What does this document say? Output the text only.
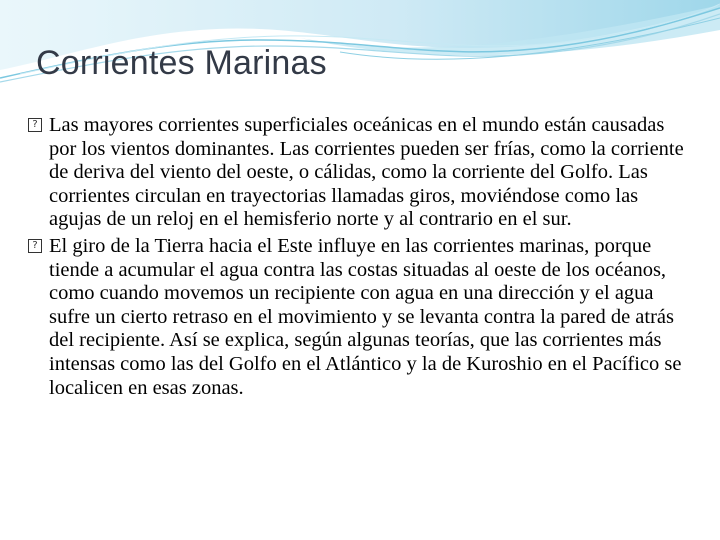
Corrientes Marinas

?
Las mayores corrientes superficiales oceánicas en el mundo están causadas por los vientos dominantes. Las corrientes pueden ser frías, como la corriente de deriva del viento del oeste, o cálidas, como la corriente del Golfo. Las corrientes circulan en trayectorias llamadas giros, moviéndose como las agujas de un reloj en el hemisferio norte y al contrario en el sur.

?
El giro de la Tierra hacia el Este influye en las corrientes marinas, porque tiende a acumular el agua contra las costas situadas al oeste de los océanos, como cuando movemos un recipiente con agua en una dirección y el agua sufre un cierto retraso en el movimiento y se levanta contra la pared de atrás del recipiente. Así se explica, según algunas teorías, que las corrientes más intensas como las del Golfo en el Atlántico y la de Kuroshio en el Pacífico se localicen en esas zonas.
